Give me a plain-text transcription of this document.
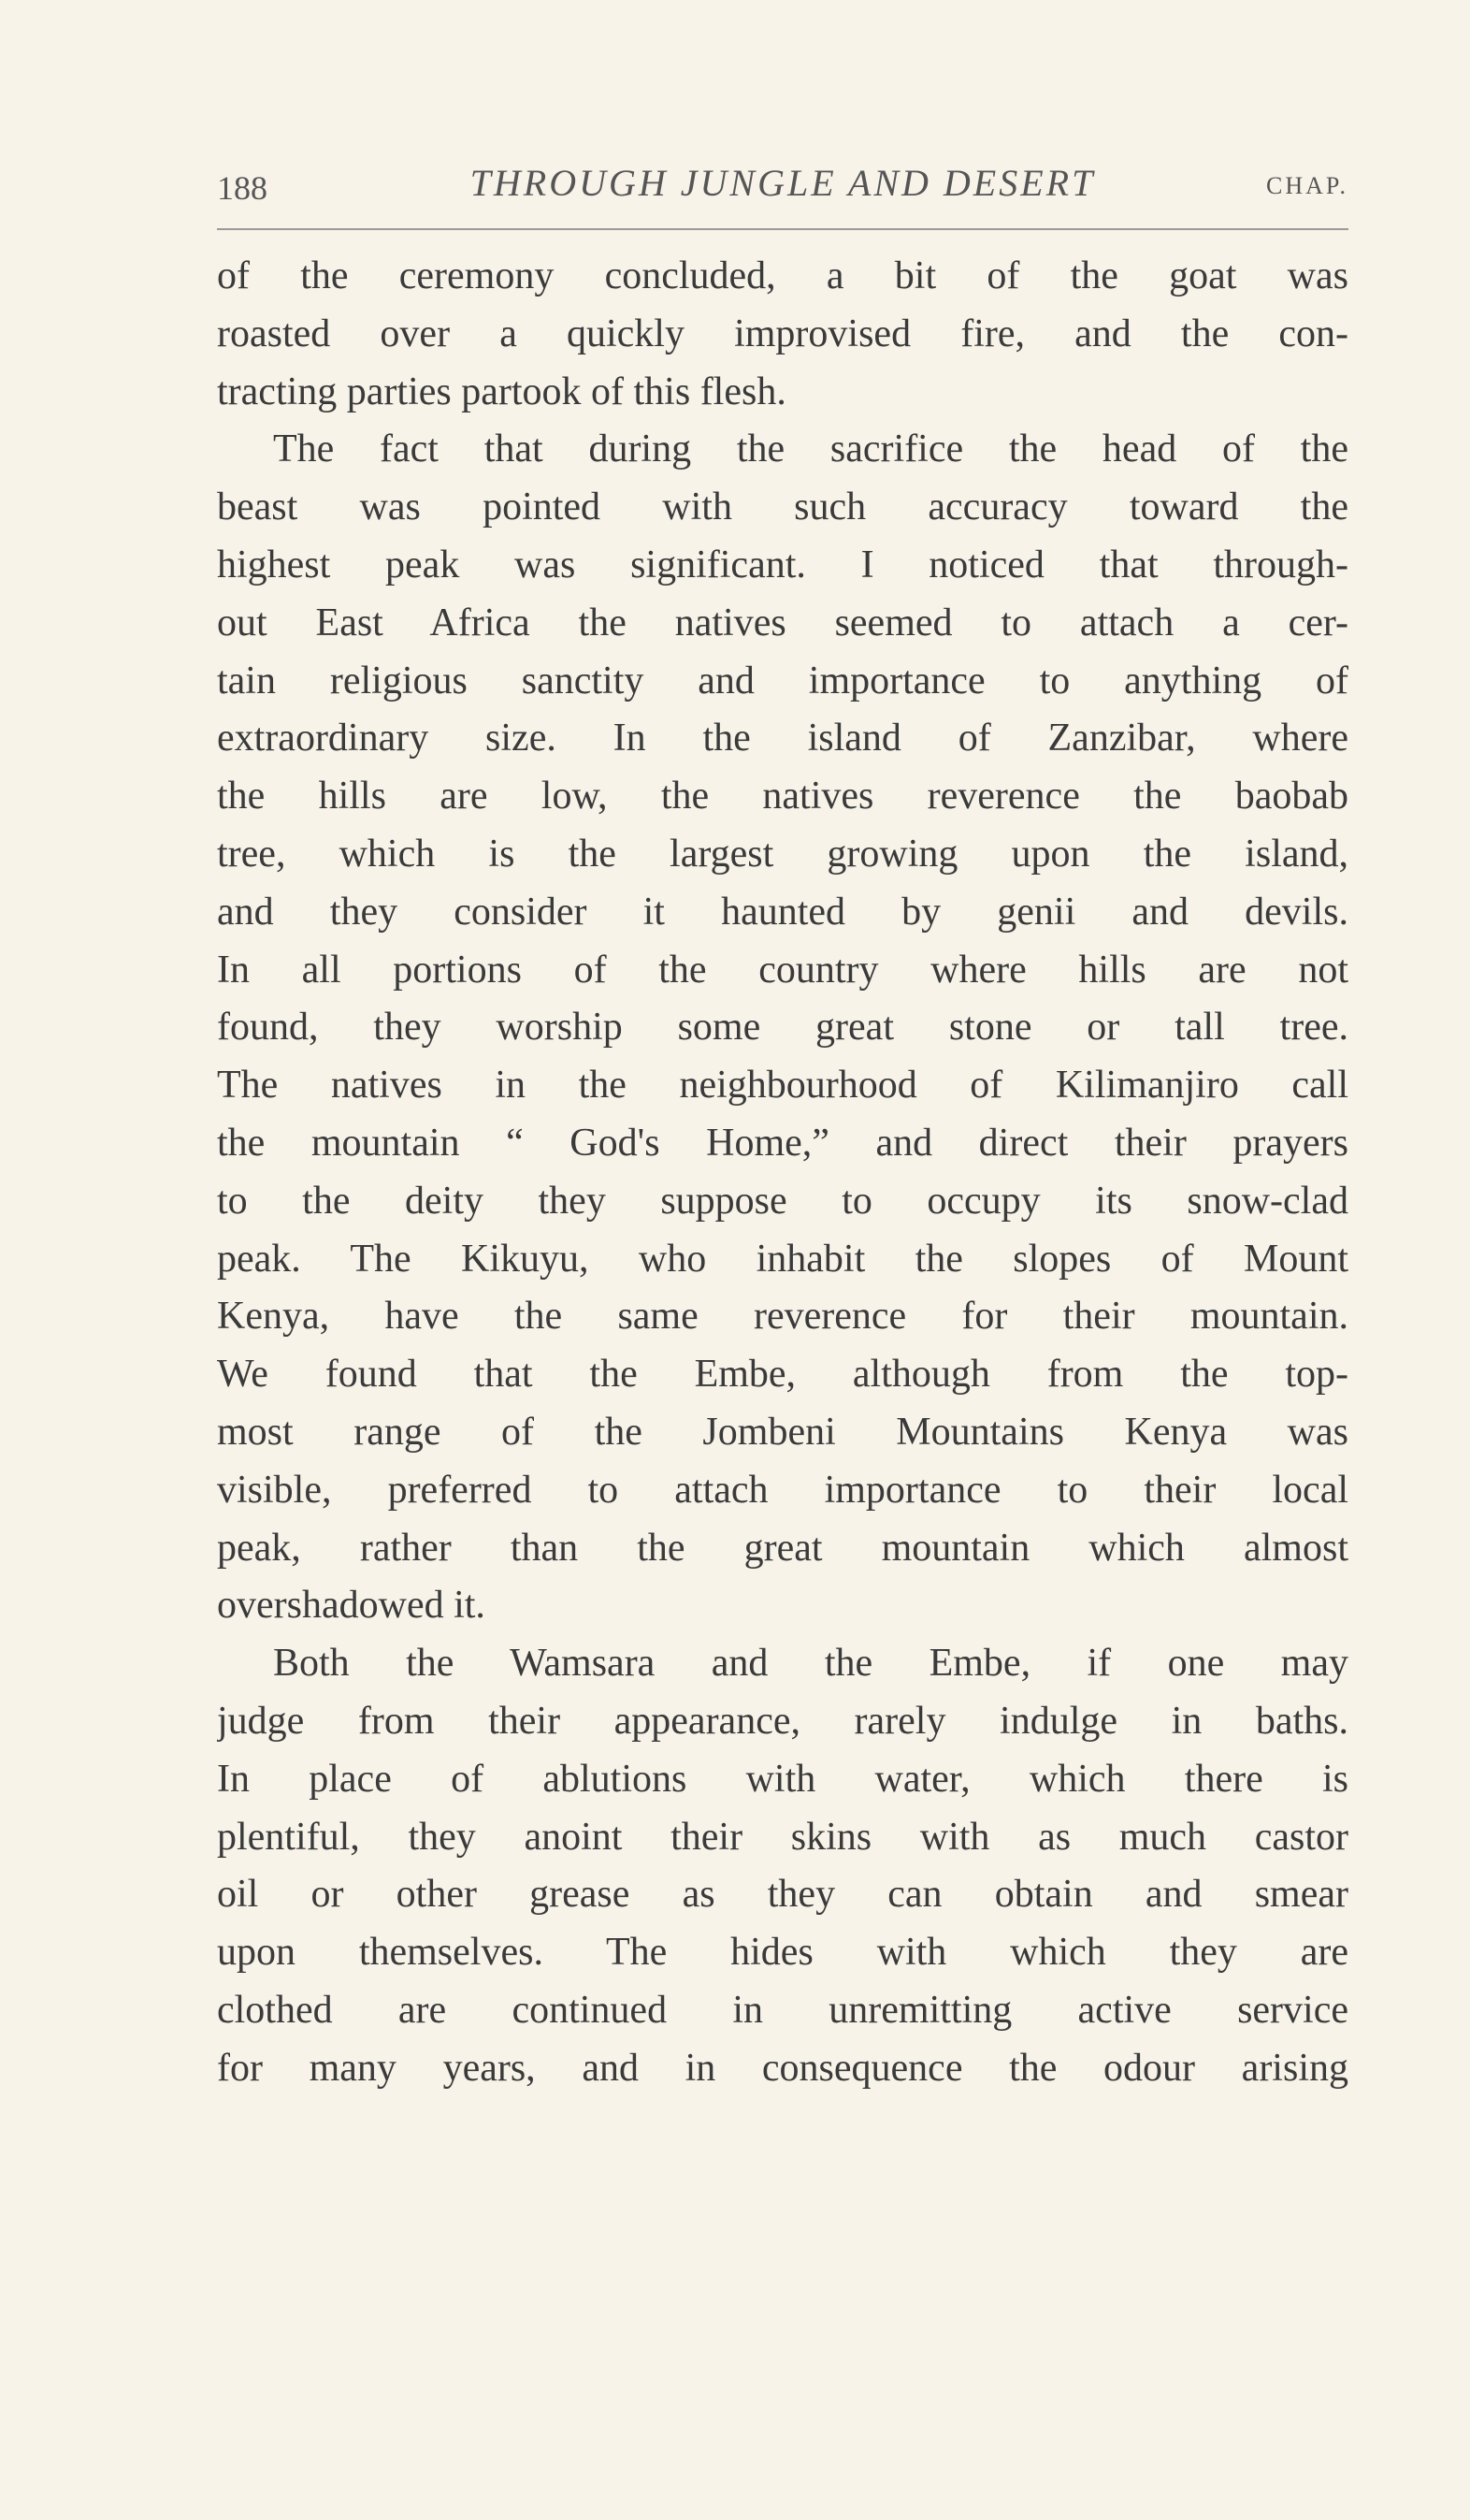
188	THROUGH JUNGLE AND DESERT	CHAP.
of the ceremony concluded, a bit of the goat was
roasted over a quickly improvised fire, and the con-
tracting parties partook of this flesh.
The fact that during the sacrifice the head of the
beast was pointed with such accuracy toward the
highest peak was significant. I noticed that through-
out East Africa the natives seemed to attach a cer-
tain religious sanctity and importance to anything of
extraordinary size. In the island of Zanzibar, where
the hills are low, the natives reverence the baobab
tree, which is the largest growing upon the island,
and they consider it haunted by genii and devils.
In all portions of the country where hills are not
found, they worship some great stone or tall tree.
The natives in the neighbourhood of Kilimanjiro call
the mountain “ God's Home,” and direct their prayers
to the deity they suppose to occupy its snow-clad
peak. The Kikuyu, who inhabit the slopes of Mount
Kenya, have the same reverence for their mountain.
We found that the Embe, although from the top-
most range of the Jombeni Mountains Kenya was
visible, preferred to attach importance to their local
peak, rather than the great mountain which almost
overshadowed it.
Both the Wamsara and the Embe, if one may
judge from their appearance, rarely indulge in baths.
In place of ablutions with water, which there is
plentiful, they anoint their skins with as much castor
oil or other grease as they can obtain and smear
upon themselves. The hides with which they are
clothed are continued in unremitting active service
for many years, and in consequence the odour arising
